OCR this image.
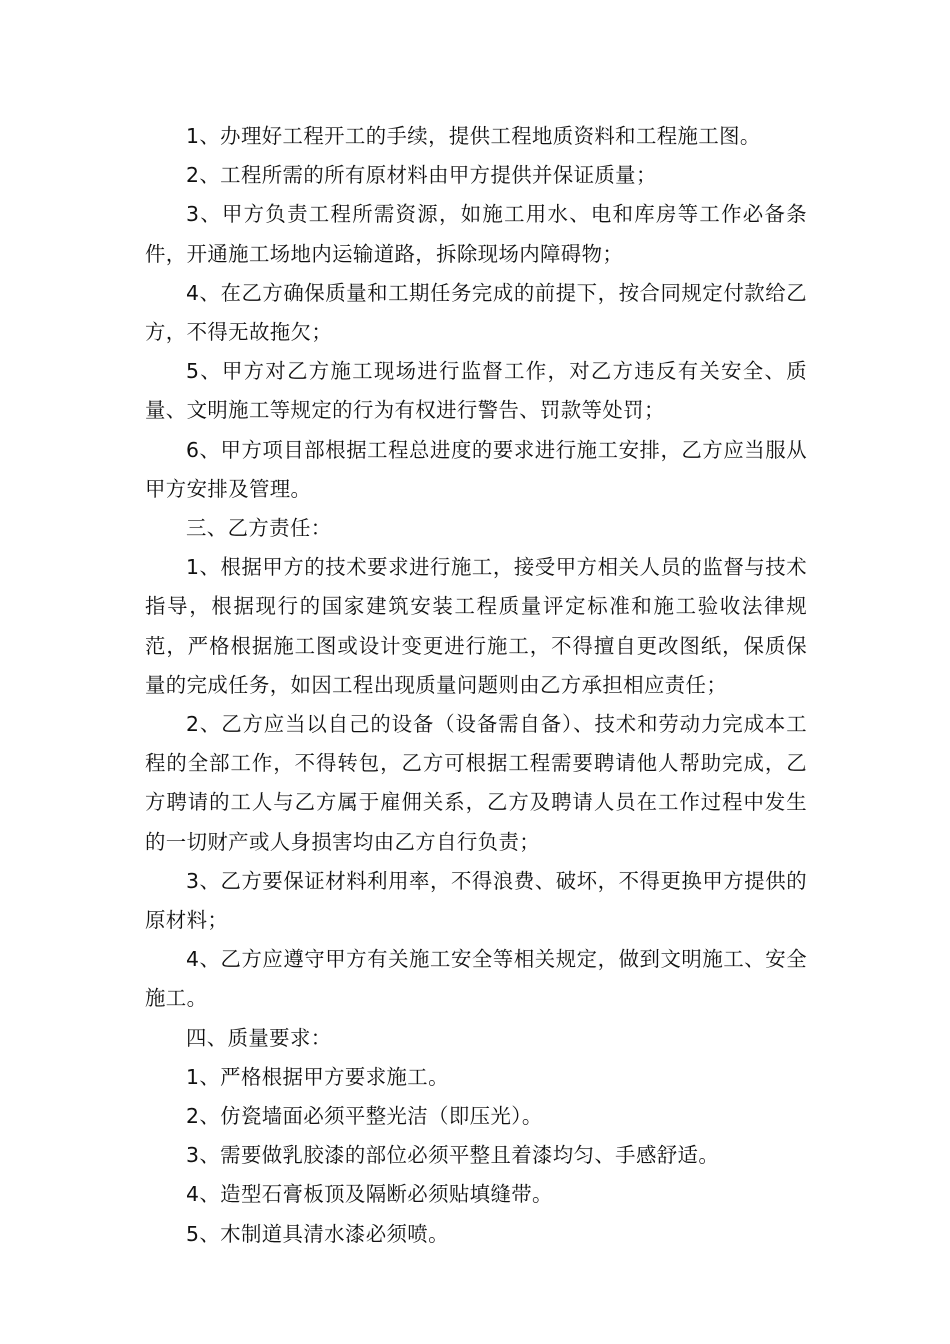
1、办理好工程开工的手续，提供工程地质资料和工程施工图。

2、工程所需的所有原材料由甲方提供并保证质量；

3、甲方负责工程所需资源，如施工用水、电和库房等工作必备条件，开通施工场地内运输道路，拆除现场内障碍物；

4、在乙方确保质量和工期任务完成的前提下，按合同规定付款给乙方，不得无故拖欠；

5、甲方对乙方施工现场进行监督工作，对乙方违反有关安全、质量、文明施工等规定的行为有权进行警告、罚款等处罚；

6、甲方项目部根据工程总进度的要求进行施工安排，乙方应当服从甲方安排及管理。

三、乙方责任：

1、根据甲方的技术要求进行施工，接受甲方相关人员的监督与技术指导，根据现行的国家建筑安装工程质量评定标准和施工验收法律规范，严格根据施工图或设计变更进行施工，不得擅自更改图纸，保质保量的完成任务，如因工程出现质量问题则由乙方承担相应责任；

2、乙方应当以自己的设备（设备需自备）、技术和劳动力完成本工程的全部工作，不得转包，乙方可根据工程需要聘请他人帮助完成，乙方聘请的工人与乙方属于雇佣关系，乙方及聘请人员在工作过程中发生的一切财产或人身损害均由乙方自行负责；

3、乙方要保证材料利用率，不得浪费、破坏，不得更换甲方提供的原材料；

4、乙方应遵守甲方有关施工安全等相关规定，做到文明施工、安全施工。

四、质量要求：

1、严格根据甲方要求施工。

2、仿瓷墙面必须平整光洁（即压光）。

3、需要做乳胶漆的部位必须平整且着漆均匀、手感舒适。

4、造型石膏板顶及隔断必须贴填缝带。

5、木制道具清水漆必须喷。
